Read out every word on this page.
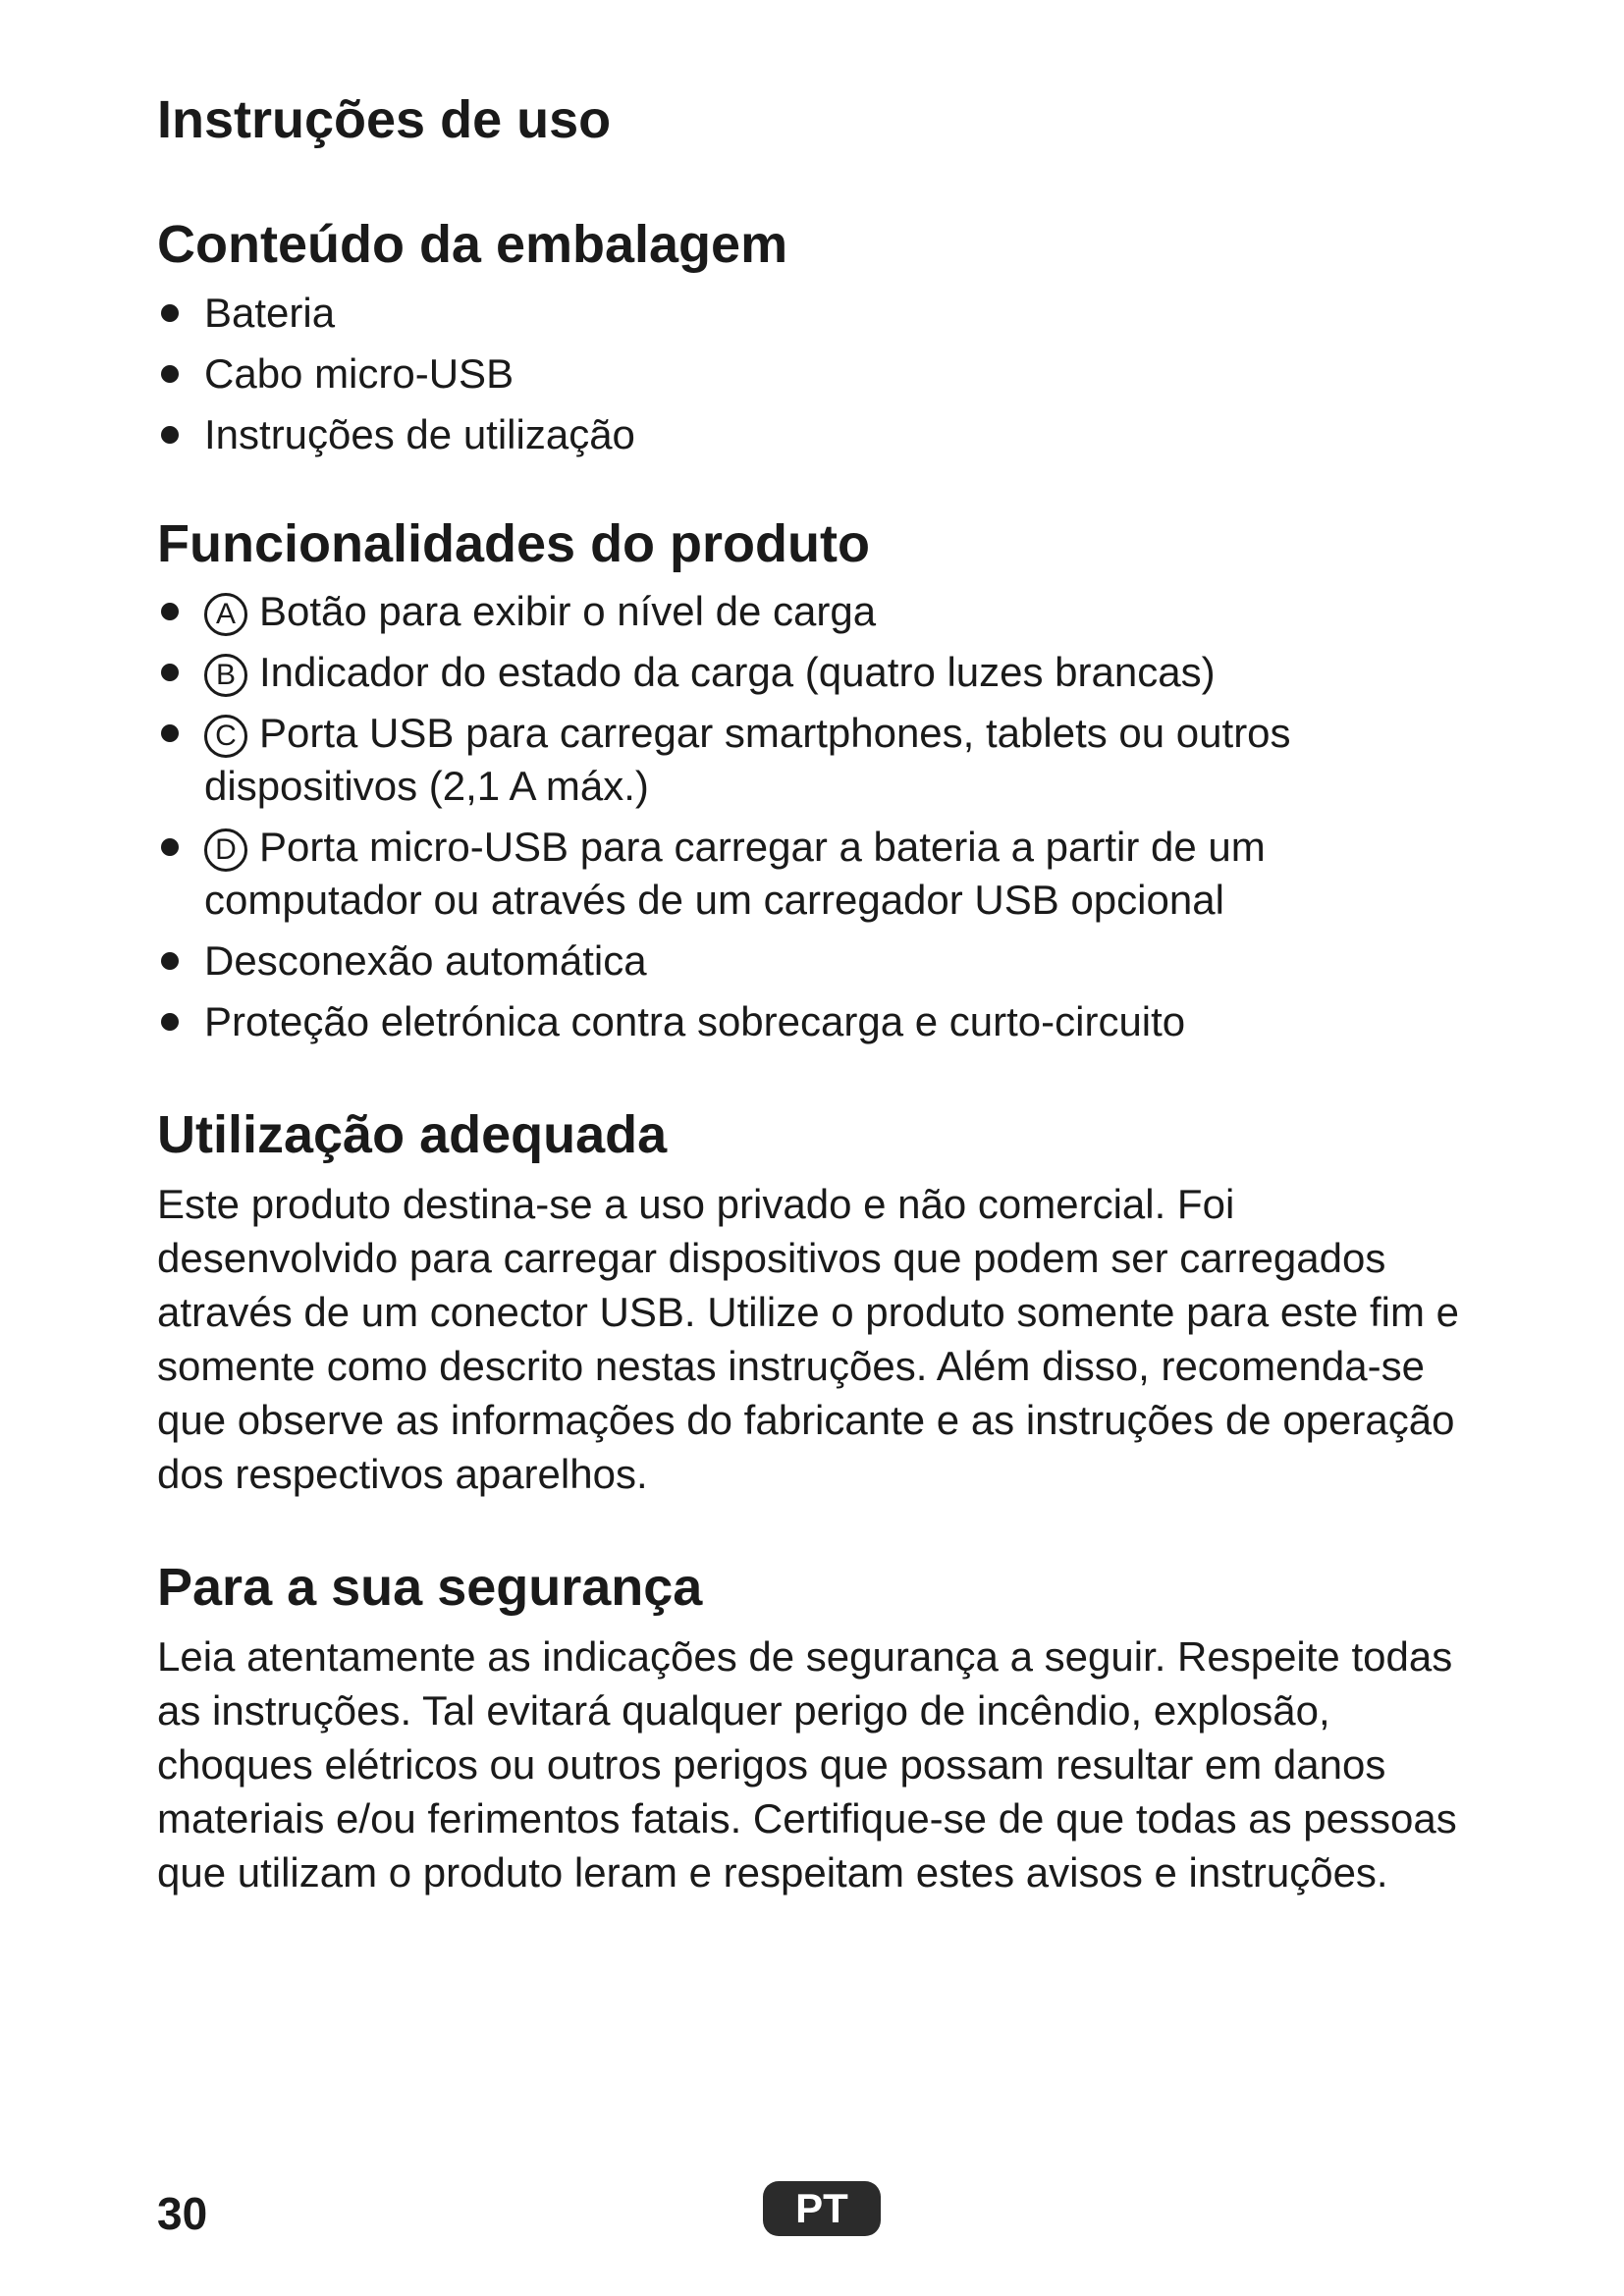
Instruções de uso
Conteúdo da embalagem
Bateria
Cabo micro-USB
Instruções de utilização
Funcionalidades do produto
A Botão para exibir o nível de carga
B Indicador do estado da carga (quatro luzes brancas)
C Porta USB para carregar smartphones, tablets ou outros dispositivos (2,1 A máx.)
D Porta micro-USB para carregar a bateria a partir de um computador ou através de um carregador USB opcional
Desconexão automática
Proteção eletrónica contra sobrecarga e curto-circuito
Utilização adequada

Este produto destina-se a uso privado e não comercial. Foi desenvolvido para carregar dispositivos que podem ser carregados através de um conector USB. Utilize o produto somente para este fim e somente como descrito nestas instruções. Além disso, recomenda-se que observe as informações do fabricante e as instruções de operação dos respectivos aparelhos.

Para a sua segurança

Leia atentamente as indicações de segurança a seguir. Respeite todas as instruções. Tal evitará qualquer perigo de incêndio, explosão, choques elétricos ou outros perigos que possam resultar em danos materiais e/ou ferimentos fatais. Certifique-se de que todas as pessoas que utilizam o produto leram e respeitam estes avisos e instruções.

30	PT
